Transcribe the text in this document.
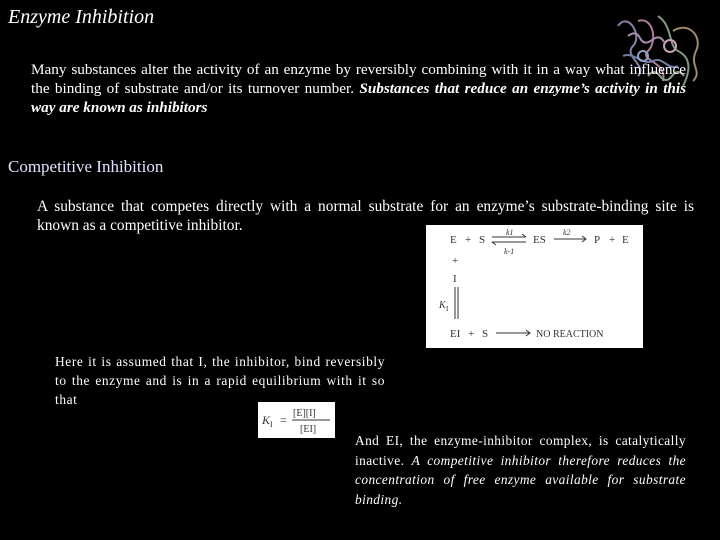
Enzyme Inhibition
Many substances alter the activity of an enzyme by reversibly combining with it in a way what influence the binding of substrate and/or its turnover number. Substances that reduce an enzyme’s activity in this way are known as inhibitors
Competitive Inhibition
A substance that competes directly with a normal substrate for an enzyme’s substrate-binding site is known as a competitive inhibitor.
E + S	ES	P + E
k1
k-1
k2
+
I
K I
EI + S	NO REACTION
Here it is assumed that I, the inhibitor, bind reversibly to the enzyme and is in a rapid equilibrium with it so that
K I = [E][I]
[EI]
And EI, the enzyme-inhibitor complex, is catalytically inactive. A competitive inhibitor therefore reduces the concentration of free enzyme available for substrate binding.
